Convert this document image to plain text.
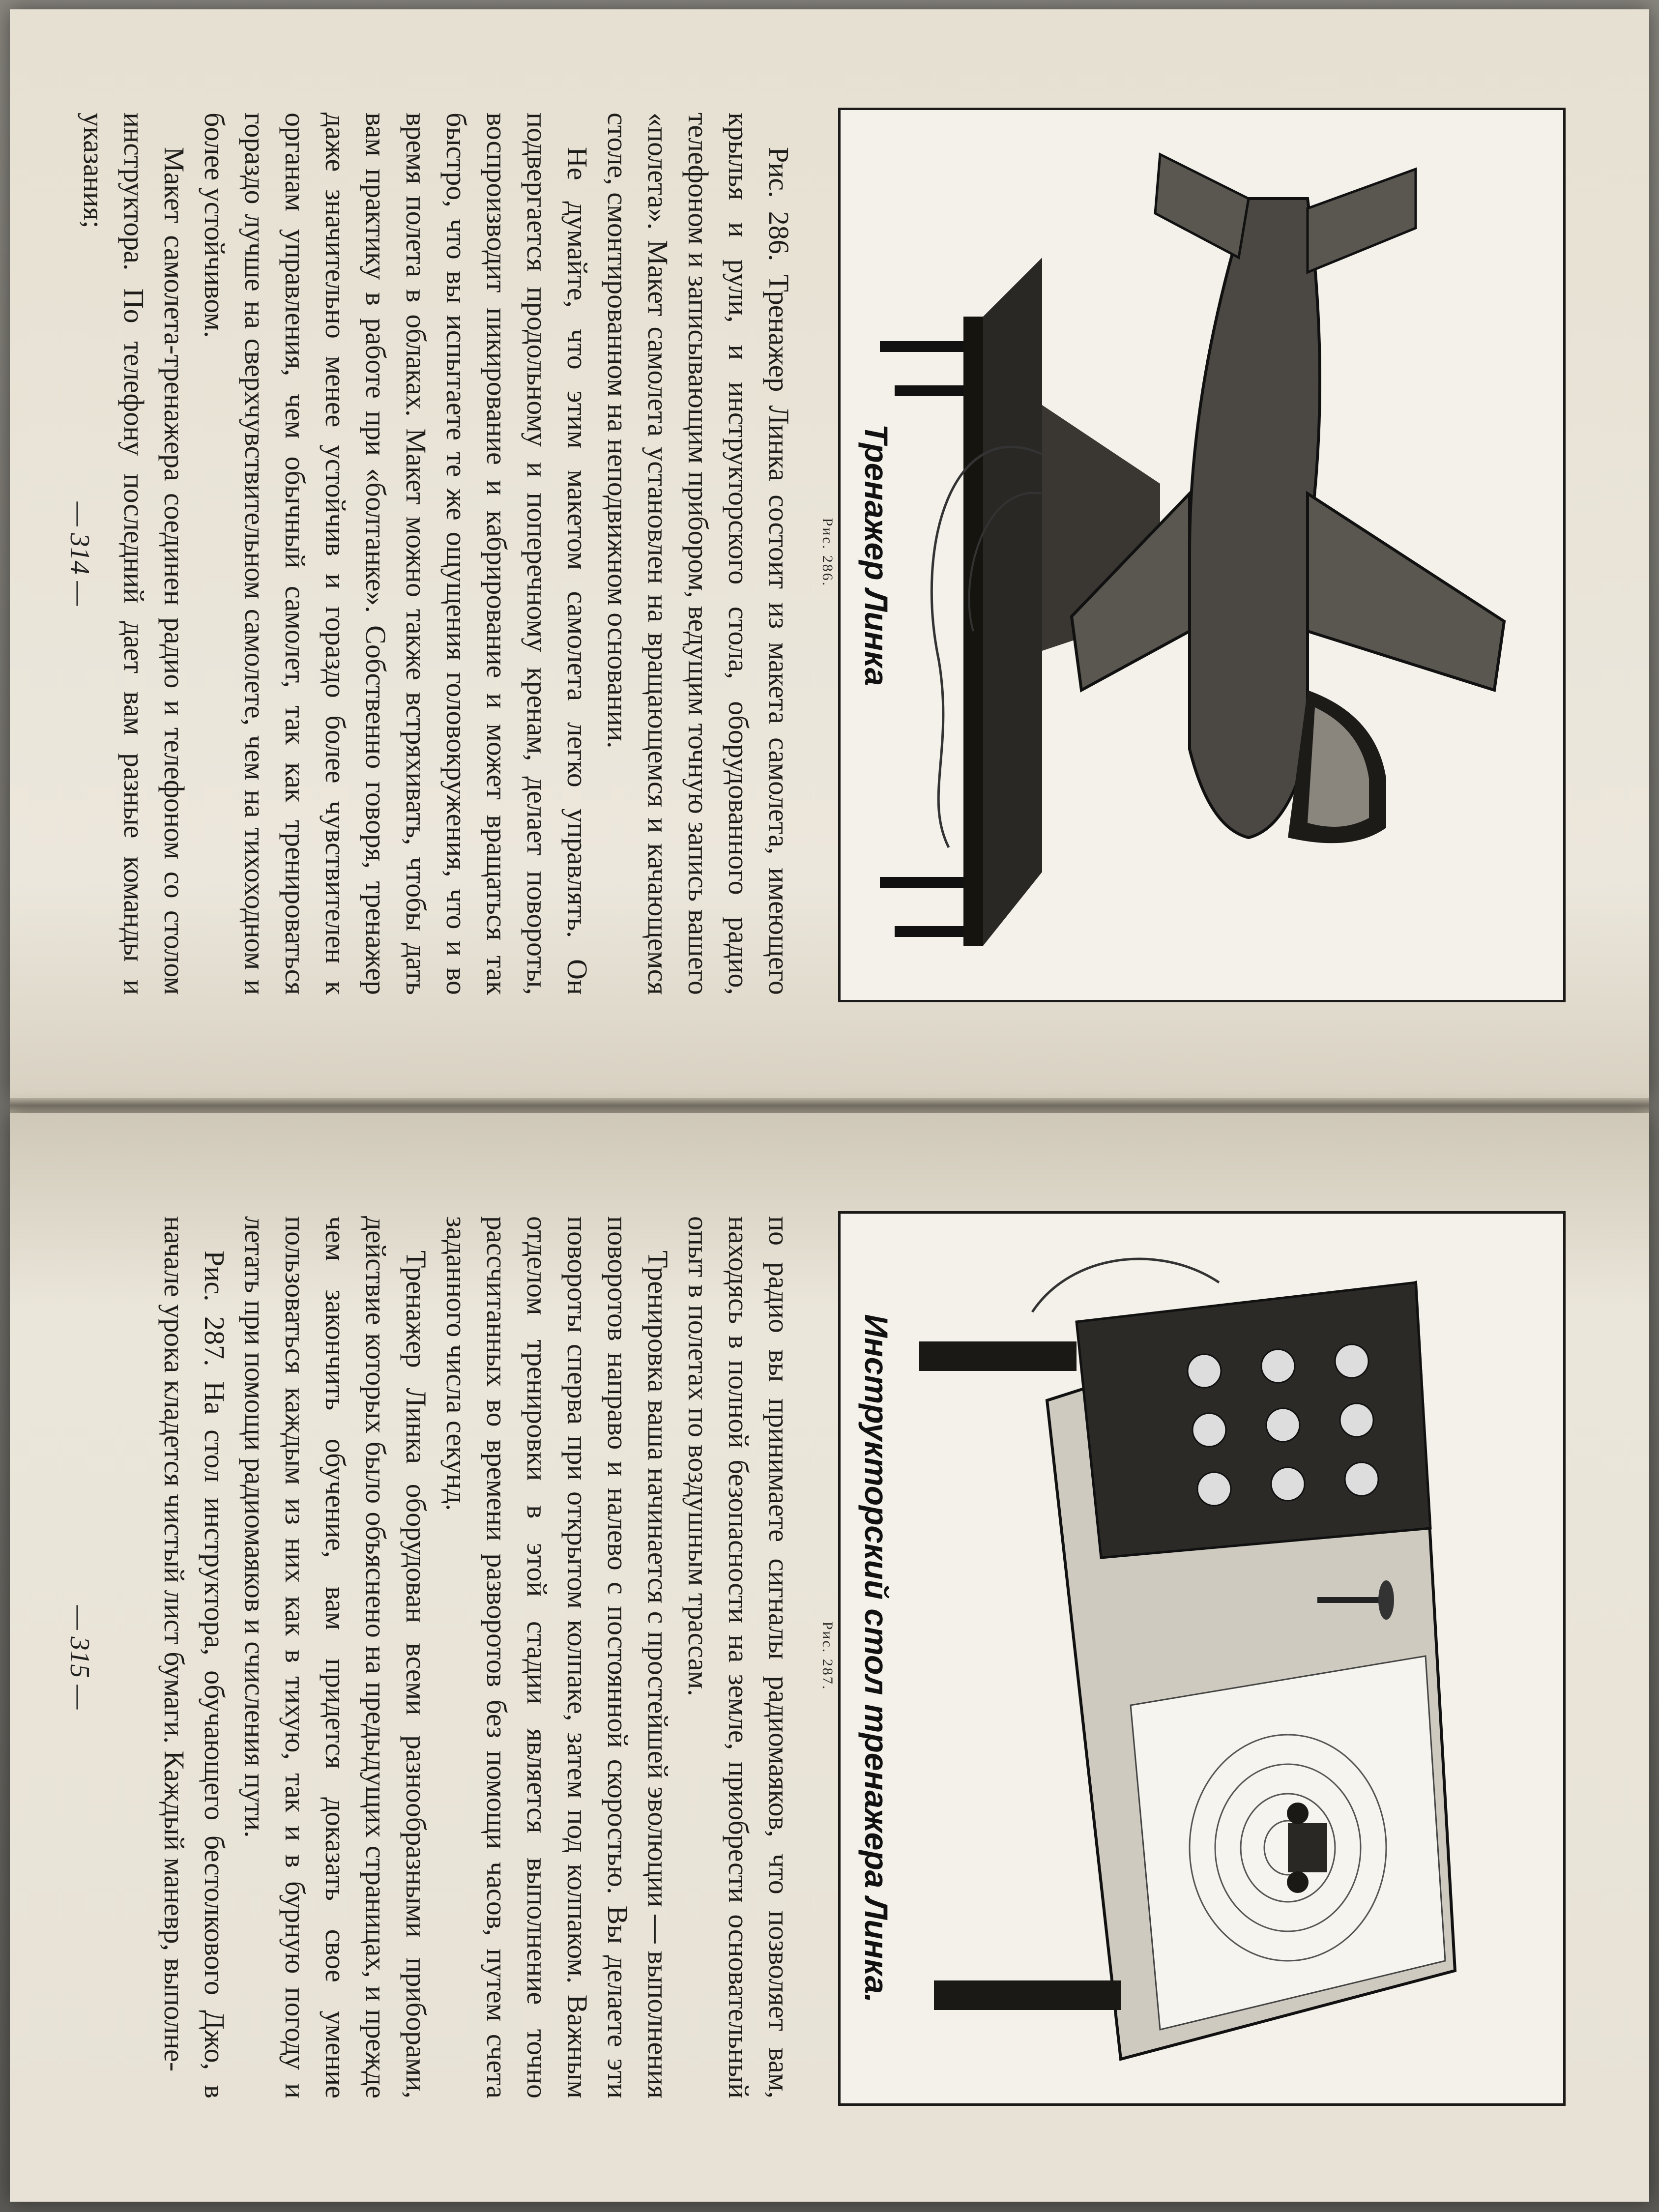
Тренажер Линка
Рис. 286.

Рис. 286. Тренажер Линка состоит из макета самолета, имеющего крылья и рули, и инструкторского стола, оборудованного радио, телефоном и записывающим прибором, ведущим точную запись вашего «полета». Макет самолета установлен на вращающемся и качающемся столе, смонтированном на неподвижном основании.

Не думайте, что этим макетом самолета легко управлять. Он подвергается продольному и поперечному кренам, делает повороты, воспроизводит пикирование и кабрирование и может вращаться так быстро, что вы испытаете те же ощущения головокружения, что и во время полета в облаках. Макет можно также встряхивать, чтобы дать вам практику в работе при «болтанке». Собственно говоря, тренажер даже значительно менее устойчив и гораздо более чувствителен к органам управления, чем обычный самолет, так как тренироваться гораздо лучше на сверхчувствительном самолете, чем на тихоходном и более устойчивом.

Макет самолета-тренажера соединен радио и телефоном со столом инструктора. По телефону последний дает вам разные команды и указания;

— 314 —
Инструкторский стол тренажера Линка.
Рис. 287.

по радио вы принимаете сигналы радиомаяков, что позволяет вам, находясь в полной безопасности на земле, приобрести основательный опыт в полетах по воздушным трассам.

Тренировка ваша начинается с простейшей эволюции — выполнения поворотов направо и налево с постоянной скоростью. Вы делаете эти повороты сперва при открытом колпаке, затем под колпаком. Важным отделом тренировки в этой стадии является выполнение точно рассчитанных во времени разворотов без помощи часов, путем счета заданного числа секунд.

Тренажер Линка оборудован всеми разнообразными приборами, действие которых было объяснено на предыдущих страницах, и прежде чем закончить обучение, вам придется доказать свое умение пользоваться каждым из них как в тихую, так и в бурную погоду и летать при помощи радиомаяков и счисления пути.

Рис. 287. На стол инструктора, обучающего бестолкового Джо, в начале урока кладется чистый лист бумаги. Каждый маневр, выполне-

— 315 —
